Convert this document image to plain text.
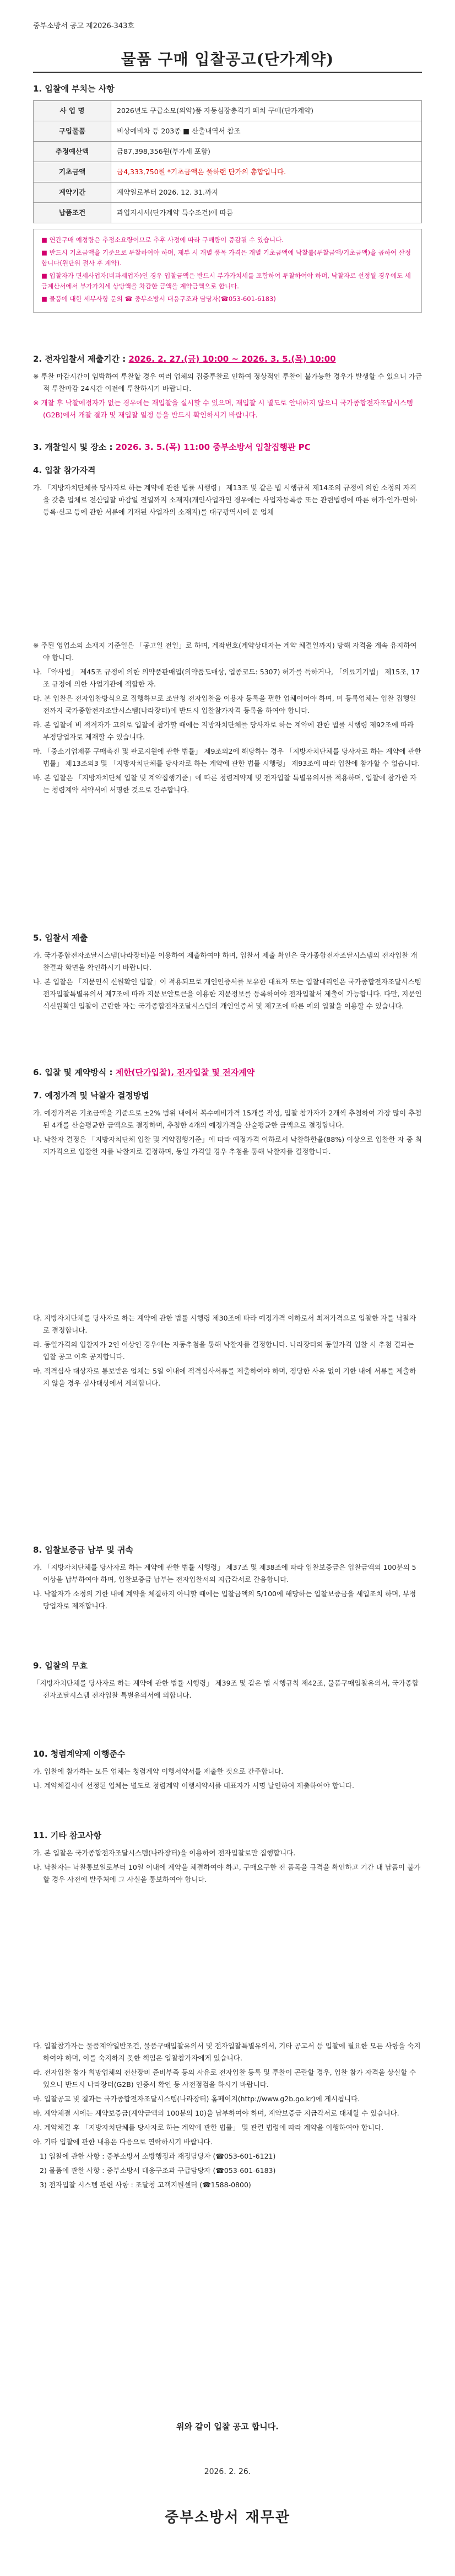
중부소방서 공고 제2026-343호
물품 구매 입찰공고(단가계약)
1. 입찰에 부치는 사항
사 업 명	2026년도 구급소모(의약)품 자동심장충격기 패치 구매(단가계약)
구입물품	비상예비차 등 203종 ■ 산출내역서 참조
추정예산액	금87,398,356원(부가세 포함)
기초금액	금4,333,750원 *기초금액은 풀하랜 단가의 총합입니다.
계약기간	계약일로부터 2026. 12. 31.까지
납품조건	과업지시서(단가계약 특수조건)에 따름

■ 연간구매 예정량은 추정소요량이므로 추후 사정에 따라 구매량이 증감될 수 있습니다.

■ 반드시 기초금액을 기준으로 투찰하여야 하며, 제부 시 개별 품목 가격은 개별 기초금액에 낙찰률(투찰금액/기초금액)을 곱하여 산정합니다(원단위 절사 후 계약).

■ 입찰자가 면세사업자(비과세업자)인 경우 입찰금액은 반드시 부가가치세를 포함하여 투찰하여야 하며, 낙찰자로 선정될 경우에도 세금계산서에서 부가가치세 상당액을 차감한 금액을 계약금액으로 합니다.

■ 물품에 대한 세부사항 문의 ☎ 중부소방서 대응구조과 담당자(☎053-601-6183)

2. 전자입찰서 제출기간 : 2026. 2. 27.(금) 10:00 ~ 2026. 3. 5.(목) 10:00

※ 투찰 마감시간이 임박하여 투찰할 경우 여러 업체의 집중투찰로 인하여 정상적인 투찰이 불가능한 경우가 발생할 수 있으니 가급적 투찰마감 24시간 이전에 투찰하시기 바랍니다.

※ 개찰 후 낙찰예정자가 없는 경우에는 재입찰을 실시할 수 있으며, 재입찰 시 별도로 안내하지 않으니 국가종합전자조달시스템(G2B)에서 개찰 결과 및 재입찰 일정 등을 반드시 확인하시기 바랍니다.

3. 개찰일시 및 장소 : 2026. 3. 5.(목) 11:00 중부소방서 입찰집행관 PC
4. 입찰 참가자격

가. 「지방자치단체를 당사자로 하는 계약에 관한 법률 시행령」 제13조 및 같은 법 시행규칙 제14조의 규정에 의한 소정의 자격을 갖춘 업체로 전산입찰 마감일 전일까지 소재지(개인사업자인 경우에는 사업자등록증 또는 관련법령에 따른 허가·인가·면허·등록·신고 등에 관한 서류에 기재된 사업자의 소재지)를 대구광역시에 둔 업체

※ 주된 영업소의 소재지 기준일은 「공고일 전일」로 하며, 계좌번호(계약상대자는 계약 체결일까지) 당해 자격을 계속 유지하여야 합니다.

나. 「약사법」 제45조 규정에 의한 의약품판매업(의약품도매상, 업종코드: 5307) 허가를 득하거나, 「의료기기법」 제15조, 17조 규정에 의한 사업기관에 적합한 자.

다. 본 입찰은 전자입찰방식으로 집행하므로 조달청 전자입찰을 이용자 등록을 필한 업체이어야 하며, 미 등록업체는 입찰 집행일 전까지 국가종합전자조달시스템(나라장터)에 반드시 입찰참가자격 등록을 하여야 합니다.

라. 본 입찰에 비 적격자가 고의로 입찰에 참가할 때에는 지방자치단체를 당사자로 하는 계약에 관한 법률 시행령 제92조에 따라 부정당업자로 제재할 수 있습니다.

마. 「중소기업제품 구매촉진 및 판로지원에 관한 법률」 제9조의2에 해당하는 경우 「지방자치단체를 당사자로 하는 계약에 관한 법률」 제13조의3 및 「지방자치단체를 당사자로 하는 계약에 관한 법률 시행령」 제93조에 따라 입찰에 참가할 수 없습니다.

바. 본 입찰은 「지방자치단체 입찰 및 계약집행기준」에 따른 청렴계약제 및 전자입찰 특별유의서를 적용하며, 입찰에 참가한 자는 청렴계약 서약서에 서명한 것으로 간주합니다.

5. 입찰서 제출

가. 국가종합전자조달시스템(나라장터)을 이용하여 제출하여야 하며, 입찰서 제출 확인은 국가종합전자조달시스템의 전자입찰 개찰결과 화면을 확인하시기 바랍니다.

나. 본 입찰은 「지문인식 신원확인 입찰」이 적용되므로 개인인증서를 보유한 대표자 또는 입찰대리인은 국가종합전자조달시스템 전자입찰특별유의서 제7조에 따라 지문보안토큰을 이용한 지문정보를 등록하여야 전자입찰서 제출이 가능합니다. 다만, 지문인식신원확인 입찰이 곤란한 자는 국가종합전자조달시스템의 개인인증서 및 제7조에 따른 예외 입찰을 이용할 수 있습니다.

6. 입찰 및 계약방식 : 제한(단가입찰), 전자입찰 및 전자계약
7. 예정가격 및 낙찰자 결정방법

가. 예정가격은 기초금액을 기준으로 ±2% 범위 내에서 복수예비가격 15개를 작성, 입찰 참가자가 2개씩 추첨하여 가장 많이 추첨된 4개를 산술평균한 금액으로 결정하며, 추첨한 4개의 예정가격을 산술평균한 금액으로 결정합니다.

나. 낙찰자 결정은 「지방자치단체 입찰 및 계약집행기준」에 따라 예정가격 이하로서 낙찰하한율(88%) 이상으로 입찰한 자 중 최저가격으로 입찰한 자를 낙찰자로 결정하며, 동일 가격일 경우 추첨을 통해 낙찰자를 결정합니다.

다. 지방자치단체를 당사자로 하는 계약에 관한 법률 시행령 제30조에 따라 예정가격 이하로서 최저가격으로 입찰한 자를 낙찰자로 결정합니다.

라. 동일가격의 입찰자가 2인 이상인 경우에는 자동추첨을 통해 낙찰자를 결정합니다. 나라장터의 동일가격 입찰 시 추첨 결과는 입찰 공고 이후 공지합니다.

마. 적격심사 대상자로 통보받은 업체는 5일 이내에 적격심사서류를 제출하여야 하며, 정당한 사유 없이 기한 내에 서류를 제출하지 않을 경우 심사대상에서 제외합니다.

8. 입찰보증금 납부 및 귀속

가. 「지방자치단체를 당사자로 하는 계약에 관한 법률 시행령」 제37조 및 제38조에 따라 입찰보증금은 입찰금액의 100분의 5 이상을 납부하여야 하며, 입찰보증금 납부는 전자입찰서의 지급각서로 갈음합니다.

나. 낙찰자가 소정의 기한 내에 계약을 체결하지 아니할 때에는 입찰금액의 5/100에 해당하는 입찰보증금을 세입조치 하며, 부정당업자로 제재합니다.

9. 입찰의 무효

「지방자치단체를 당사자로 하는 계약에 관한 법률 시행령」 제39조 및 같은 법 시행규칙 제42조, 물품구매입찰유의서, 국가종합전자조달시스템 전자입찰 특별유의서에 의합니다.

10. 청렴계약제 이행준수

가. 입찰에 참가하는 모든 업체는 청렴계약 이행서약서를 제출한 것으로 간주합니다.

나. 계약체결시에 선정된 업체는 별도로 청렴계약 이행서약서를 대표자가 서명 날인하여 제출하여야 합니다.

11. 기타 참고사항

가. 본 입찰은 국가종합전자조달시스템(나라장터)을 이용하여 전자입찰로만 집행합니다.

나. 낙찰자는 낙찰통보일로부터 10일 이내에 계약을 체결하여야 하고, 구매요구한 전 품목을 규격을 확인하고 기간 내 납품이 불가할 경우 사전에 발주처에 그 사실을 통보하여야 합니다.

다. 입찰참가자는 물품계약일반조건, 물품구매입찰유의서 및 전자입찰특별유의서, 기타 공고서 등 입찰에 필요한 모든 사항을 숙지하여야 하며, 이를 숙지하지 못한 책임은 입찰참가자에게 있습니다.

라. 전자입찰 참가 희망업체의 전산장비 준비부족 등의 사유로 전자입찰 등록 및 투찰이 곤란할 경우, 입찰 참가 자격을 상실할 수 있으니 반드시 나라장터(G2B) 인증서 확인 등 사전점검을 하시기 바랍니다.

마. 입찰공고 및 결과는 국가종합전자조달시스템(나라장터) 홈페이지(http://www.g2b.go.kr)에 게시됩니다.

바. 계약체결 시에는 계약보증금(계약금액의 100분의 10)을 납부하여야 하며, 계약보증금 지급각서로 대체할 수 있습니다.

사. 계약체결 후 「지방자치단체를 당사자로 하는 계약에 관한 법률」 및 관련 법령에 따라 계약을 이행하여야 합니다.

아. 기타 입찰에 관한 내용은 다음으로 연락하시기 바랍니다.

1) 입찰에 관한 사항 : 중부소방서 소방행정과 재정담당자 (☎053-601-6121)

2) 물품에 관한 사항 : 중부소방서 대응구조과 구급담당자 (☎053-601-6183)

3) 전자입찰 시스템 관련 사항 : 조달청 고객지원센터 (☎1588-0800)

위와 같이 입찰 공고 합니다.
2026. 2. 26.
중부소방서 재무관
